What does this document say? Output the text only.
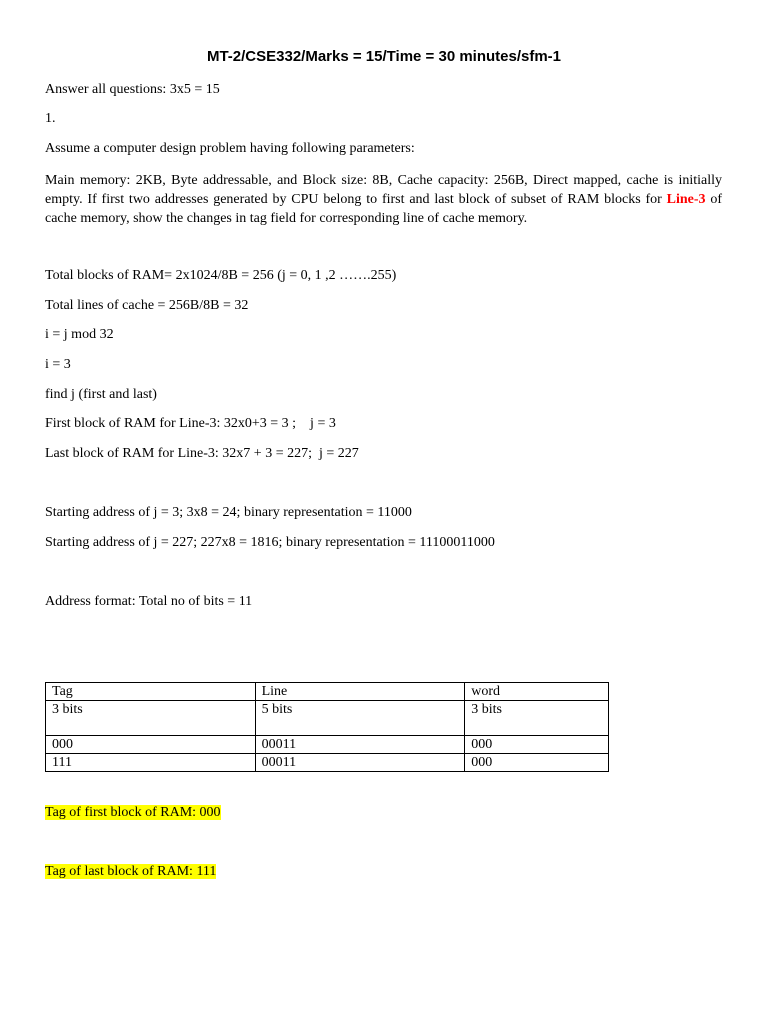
MT-2/CSE332/Marks = 15/Time = 30 minutes/sfm-1
Answer all questions: 3x5 = 15
1.
Assume a computer design problem having following parameters:
Main memory: 2KB, Byte addressable, and Block size: 8B, Cache capacity: 256B, Direct mapped, cache is initially empty. If first two addresses generated by CPU belong to first and last block of subset of RAM blocks for Line-3 of cache memory, show the changes in tag field for corresponding line of cache memory.
Total blocks of RAM= 2x1024/8B = 256 (j = 0, 1 ,2 …….255)
Total lines of cache = 256B/8B = 32
i = j mod 32
i = 3
find j (first and last)
First block of RAM for Line-3: 32x0+3 = 3 ;    j = 3
Last block of RAM for Line-3: 32x7 + 3 = 227;  j = 227
Starting address of j = 3; 3x8 = 24; binary representation = 11000
Starting address of j = 227; 227x8 = 1816; binary representation = 11100011000
Address format: Total no of bits = 11
Tag	Line	word
3 bits	5 bits	3 bits
000	00011	000
111	00011	000
Tag of first block of RAM: 000
Tag of last block of RAM: 111
